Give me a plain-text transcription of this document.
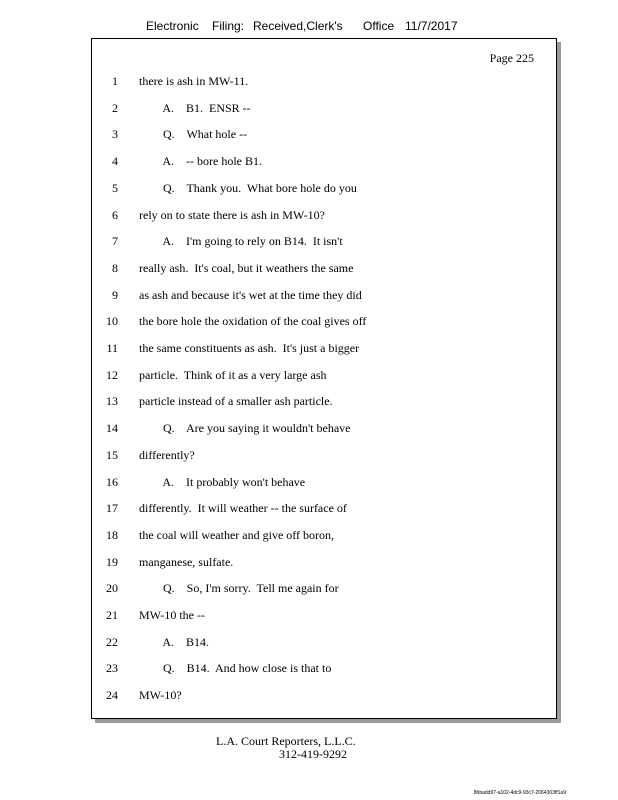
Electronic Filing: Received,Clerk's Office 11/7/2017
Page 225
1 there is ash in MW-11.
2 A.    B1.  ENSR --
3 Q.    What hole --
4 A.    -- bore hole B1.
5 Q.    Thank you.  What bore hole do you
6 rely on to state there is ash in MW-10?
7 A.    I'm going to rely on B14.  It isn't
8 really ash.  It's coal, but it weathers the same
9 as ash and because it's wet at the time they did
10 the bore hole the oxidation of the coal gives off
11 the same constituents as ash.  It's just a bigger
12 particle.  Think of it as a very large ash
13 particle instead of a smaller ash particle.
14 Q.    Are you saying it wouldn't behave
15 differently?
16 A.    It probably won't behave
17 differently.  It will weather -- the surface of
18 the coal will weather and give off boron,
19 manganese, sulfate.
20 Q.    So, I'm sorry.  Tell me again for
21 MW-10 the --
22 A.    B14.
23 Q.    B14.  And how close is that to
24 MW-10?
L.A. Court Reporters, L.L.C.
312-419-9292
8bbadd97-a102-4dc9-93c7-2064303ff1a9
